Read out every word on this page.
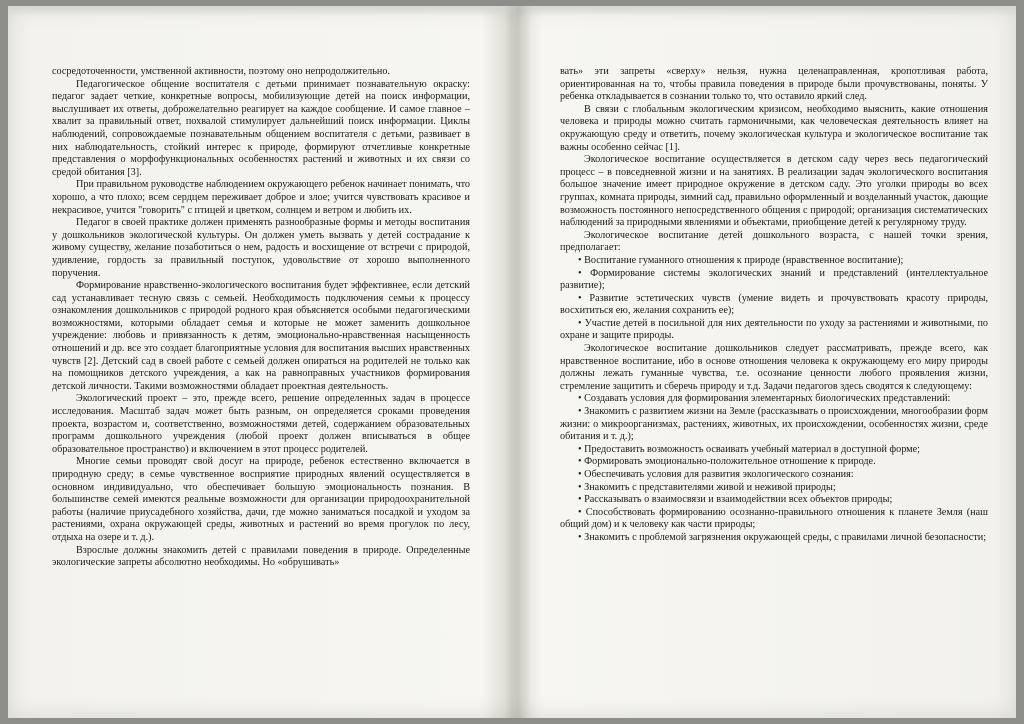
сосредоточенности, умственной активности, поэтому оно непродолжительно.

Педагогическое общение воспитателя с детьми принимает познавательную окраску: педагог задает четкие, конкретные вопросы, мобилизующие детей на поиск информации, выслушивает их ответы, доброжелательно реагирует на каждое сообщение. И самое главное – хвалит за правильный ответ, похвалой стимулирует дальнейший поиск информации. Циклы наблюдений, сопровождаемые познавательным общением воспитателя с детьми, развивает в них наблюдательность, стойкий интерес к природе, формируют отчетливые конкретные представления о морфофункциональных особенностях растений и животных и их связи со средой обитания [3].

При правильном руководстве наблюдением окружающего ребенок начинает понимать, что хорошо, а что плохо; всем сердцем переживает доброе и злое; учится чувствовать красивое и некрасивое, учится "говорить" с птицей и цветком, солнцем и ветром и любить их.

Педагог в своей практике должен применять разнообразные формы и методы воспитания у дошкольников экологической культуры. Он должен уметь вызвать у детей сострадание к живому существу, желание позаботиться о нем, радость и восхищение от встречи с природой, удивление, гордость за правильный поступок, удовольствие от хорошо выполненного поручения.

Формирование нравственно-экологического воспитания будет эффективнее, если детский сад устанавливает тесную связь с семьей. Необходимость подключения семьи к процессу ознакомления дошкольников с природой родного края объясняется особыми педагогическими возможностями, которыми обладает семья и которые не может заменить дошкольное учреждение: любовь и привязанность к детям, эмоционально-нравственная насыщенность отношений и др. все это создает благоприятные условия для воспитания высших нравственных чувств [2]. Детский сад в своей работе с семьей должен опираться на родителей не только как на помощников детского учреждения, а как на равноправных участников формирования детской личности. Такими возможностями обладает проектная деятельность.

Экологический проект – это, прежде всего, решение определенных задач в процессе исследования. Масштаб задач может быть разным, он определяется сроками проведения проекта, возрастом и, соответственно, возможностями детей, содержанием образовательных программ дошкольного учреждения (любой проект должен вписываться в общее образовательное пространство) и включением в этот процесс родителей.

Многие семьи проводят свой досуг на природе, ребенок естественно включается в природную среду; в семье чувственное восприятие природных явлений осуществляется в основном индивидуально, что обеспечивает большую эмоциональность познания. В большинстве семей имеются реальные возможности для организации природоохранительной работы (наличие приусадебного хозяйства, дачи, где можно заниматься посадкой и уходом за растениями, охрана окружающей среды, животных и растений во время прогулок по лесу, отдыха на озере и т. д.).

Взрослые должны знакомить детей с правилами поведения в природе. Определенные экологические запреты абсолютно необходимы. Но «обрушивать»

вать» эти запреты «сверху» нельзя, нужна целенаправленная, кропотливая работа, ориентированная на то, чтобы правила поведения в природе были прочувствованы, поняты. У ребенка откладывается в сознании только то, что оставило яркий след.

В связи с глобальным экологическим кризисом, необходимо выяснить, какие отношения человека и природы можно считать гармоничными, как человеческая деятельность влияет на окружающую среду и ответить, почему экологическая культура и экологическое воспитание так важны особенно сейчас [1].

Экологическое воспитание осуществляется в детском саду через весь педагогический процесс – в повседневной жизни и на занятиях. В реализации задач экологического воспитания большое значение имеет природное окружение в детском саду. Это уголки природы во всех группах, комната природы, зимний сад, правильно оформленный и возделанный участок, дающие возможность постоянного непосредственного общения с природой; организация систематических наблюдений за природными явлениями и объектами, приобщение детей к регулярному труду.

Экологическое воспитание детей дошкольного возраста, с нашей точки зрения, предполагает:

• Воспитание гуманного отношения к природе (нравственное воспитание);

• Формирование системы экологических знаний и представлений (интеллектуальное развитие);

• Развитие эстетических чувств (умение видеть и прочувствовать красоту природы, восхититься ею, желания сохранить ее);

• Участие детей в посильной для них деятельности по уходу за растениями и животными, по охране и защите природы.

Экологическое воспитание дошкольников следует рассматривать, прежде всего, как нравственное воспитание, ибо в основе отношения человека к окружающему его миру природы должны лежать гуманные чувства, т.е. осознание ценности любого проявления жизни, стремление защитить и сберечь природу и т.д. Задачи педагогов здесь сводятся к следующему:

• Создавать условия для формирования элементарных биологических представлений:

• Знакомить с развитием жизни на Земле (рассказывать о происхождении, многообразии форм жизни: о микроорганизмах, растениях, животных, их происхождении, особенностях жизни, среде обитания и т. д.);

• Предоставить возможность осваивать учебный материал в доступной форме;

• Формировать эмоционально-положительное отношение к природе.

• Обеспечивать условия для развития экологического сознания:

• Знакомить с представителями живой и неживой природы;

• Рассказывать о взаимосвязи и взаимодействии всех объектов природы;

• Способствовать формированию осознанно-правильного отношения к планете Земля (наш общий дом) и к человеку как части природы;

• Знакомить с проблемой загрязнения окружающей среды, с правилами личной безопасности;
